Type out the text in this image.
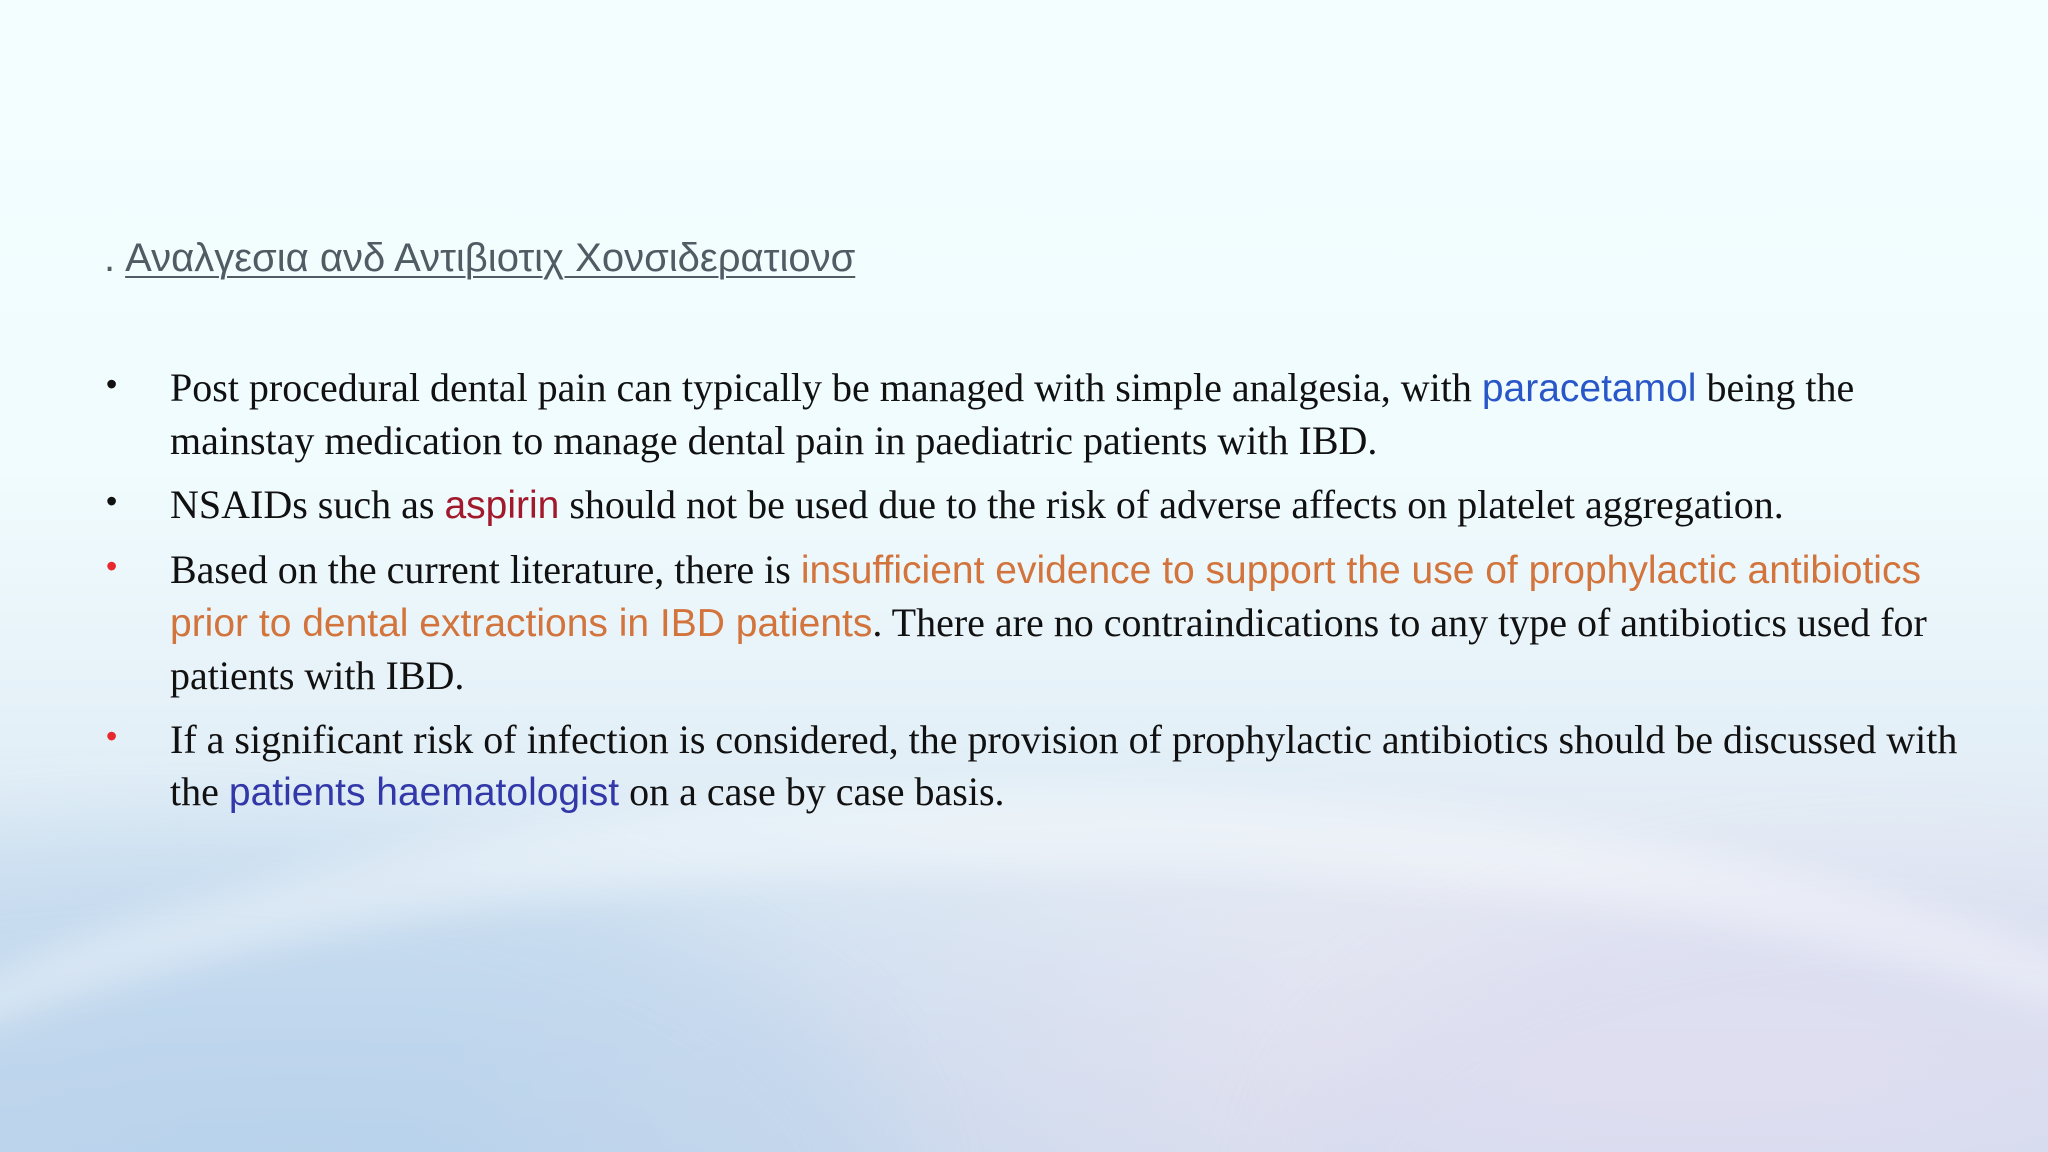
. Αναλγεσια ανδ Αντιβιοτιχ Χονσιδερατιονσ
• Post procedural dental pain can typically be managed with simple analgesia, with paracetamol being the mainstay medication to manage dental pain in paediatric patients with IBD.
• NSAIDs such as aspirin should not be used due to the risk of adverse affects on platelet aggregation.
• Based on the current literature, there is insufficient evidence to support the use of prophylactic antibiotics prior to dental extractions in IBD patients. There are no contraindications to any type of antibiotics used for patients with IBD.
• If a significant risk of infection is considered, the provision of prophylactic antibiotics should be discussed with the patients haematologist on a case by case basis.
